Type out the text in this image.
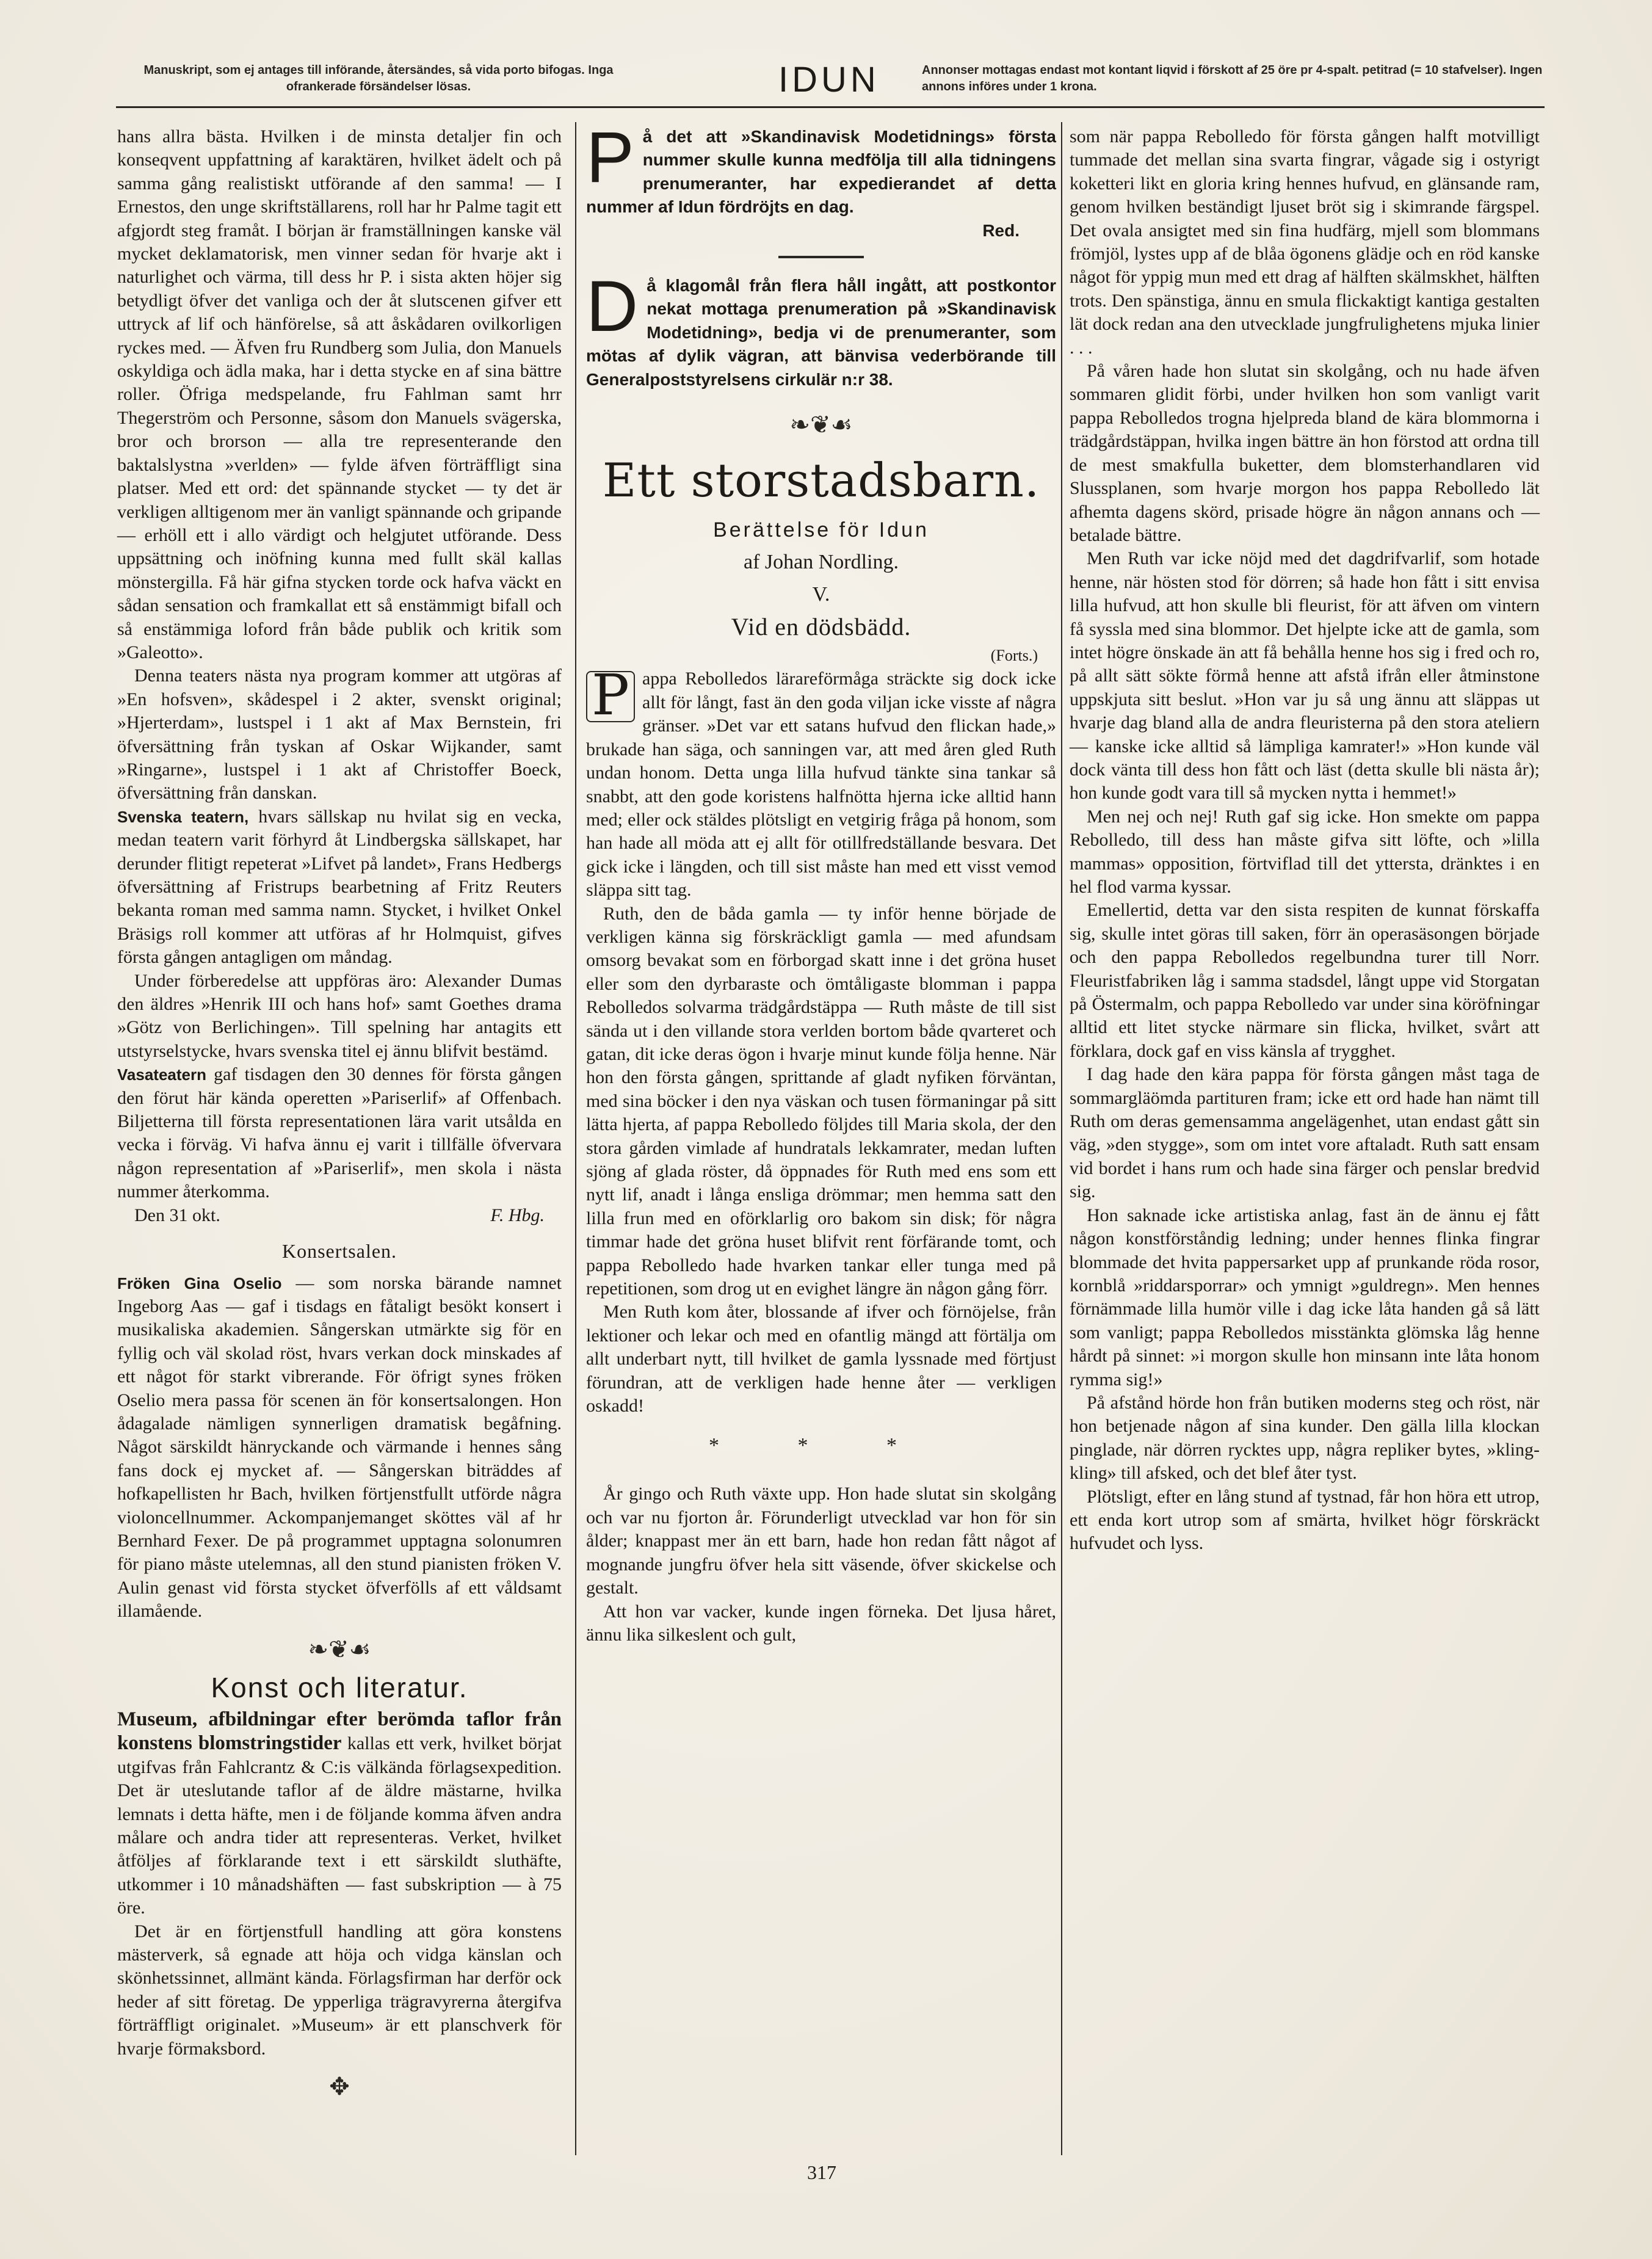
Manuskript, som ej antages till införande, återsändes, så vida porto bifogas. Inga ofrankerade försändelser lösas.	IDUN	Annonser mottagas endast mot kontant liqvid i förskott af 25 öre pr 4-spalt. petitrad (= 10 stafvelser). Ingen annons införes under 1 krona.

hans allra bästa. Hvilken i de minsta detaljer fin och konseqvent uppfattning af karaktären, hvilket ädelt och på samma gång realistiskt utförande af den samma! — I Ernestos, den unge skriftställarens, roll har hr Palme tagit ett afgjordt steg framåt. I början är framställningen kanske väl mycket deklamatorisk, men vinner sedan för hvarje akt i naturlighet och värma, till dess hr P. i sista akten höjer sig betydligt öfver det vanliga och der åt slutscenen gifver ett uttryck af lif och hänförelse, så att åskådaren ovilkorligen ryckes med. — Äfven fru Rundberg som Julia, don Manuels oskyldiga och ädla maka, har i detta stycke en af sina bättre roller. Öfriga medspelande, fru Fahlman samt hrr Thegerström och Personne, såsom don Manuels svägerska, bror och brorson — alla tre representerande den baktalslystna »verlden» — fylde äfven förträffligt sina platser. Med ett ord: det spännande stycket — ty det är verkligen alltigenom mer än vanligt spännande och gripande — erhöll ett i allo värdigt och helgjutet utförande. Dess uppsättning och inöfning kunna med fullt skäl kallas mönstergilla. Få här gifna stycken torde ock hafva väckt en sådan sensation och framkallat ett så enstämmigt bifall och så enstämmiga loford från både publik och kritik som »Galeotto».

Denna teaters nästa nya program kommer att utgöras af »En hofsven», skådespel i 2 akter, svenskt original; »Hjerterdam», lustspel i 1 akt af Max Bernstein, fri öfversättning från tyskan af Oskar Wijkander, samt »Ringarne», lustspel i 1 akt af Christoffer Boeck, öfversättning från danskan.

Svenska teatern, hvars sällskap nu hvilat sig en vecka, medan teatern varit förhyrd åt Lindbergska sällskapet, har derunder flitigt repeterat »Lifvet på landet», Frans Hedbergs öfversättning af Fristrups bearbetning af Fritz Reuters bekanta roman med samma namn. Stycket, i hvilket Onkel Bräsigs roll kommer att utföras af hr Holmquist, gifves första gången antagligen om måndag.

Under förberedelse att uppföras äro: Alexander Dumas den äldres »Henrik III och hans hof» samt Goethes drama »Götz von Berlichingen». Till spelning har antagits ett utstyrselstycke, hvars svenska titel ej ännu blifvit bestämd.

Vasateatern gaf tisdagen den 30 dennes för första gången den förut här kända operetten »Pariserlif» af Offenbach. Biljetterna till första representationen lära varit utsålda en vecka i förväg. Vi hafva ännu ej varit i tillfälle öfvervara någon representation af »Pariserlif», men skola i nästa nummer återkomma.

Den 31 okt.	F. Hbg.

Konsertsalen.

Fröken Gina Oselio — som norska bärande namnet Ingeborg Aas — gaf i tisdags en fåtaligt besökt konsert i musikaliska akademien. Sångerskan utmärkte sig för en fyllig och väl skolad röst, hvars verkan dock minskades af ett något för starkt vibrerande. För öfrigt synes fröken Oselio mera passa för scenen än för konsertsalongen. Hon ådagalade nämligen synnerligen dramatisk begåfning. Något särskildt hänryckande och värmande i hennes sång fans dock ej mycket af. — Sångerskan biträddes af hofkapellisten hr Bach, hvilken förtjenstfullt utförde några violoncellnummer. Ackompanjemanget sköttes väl af hr Bernhard Fexer. De på programmet upptagna solonumren för piano måste utelemnas, all den stund pianisten fröken V. Aulin genast vid första stycket öfverfölls af ett våldsamt illamående.

❧❦☙
Konst och literatur.

Museum, afbildningar efter berömda taflor från konstens blomstringstider kallas ett verk, hvilket börjat utgifvas från Fahlcrantz & C:is välkända förlagsexpedition. Det är uteslutande taflor af de äldre mästarne, hvilka lemnats i detta häfte, men i de följande komma äfven andra målare och andra tider att representeras. Verket, hvilket åtföljes af förklarande text i ett särskildt sluthäfte, utkommer i 10 månadshäften — fast subskription — à 75 öre.

Det är en förtjenstfull handling att göra konstens mästerverk, så egnade att höja och vidga känslan och skönhetssinnet, allmänt kända. Förlagsfirman har derför ock heder af sitt företag. De ypperliga trägravyrerna återgifva förträffligt originalet. »Museum» är ett planschverk för hvarje förmaksbord.

✥
P å det att »Skandinavisk Modetidnings» första nummer skulle kunna medfölja till alla tidningens prenumeranter, har expedierandet af detta nummer af Idun fördröjts en dag.
Red.
D å klagomål från flera håll ingått, att postkontor nekat mottaga prenumeration på »Skandinavisk Modetidning», bedja vi de prenumeranter, som mötas af dylik vägran, att bänvisa vederbörande till Generalpoststyrelsens cirkulär n:r 38.
❧❦☙
Ett storstadsbarn.
Berättelse för Idun
af Johan Nordling.
V.
Vid en dödsbädd.
(Forts.)

P appa Rebolledos lärareförmåga sträckte sig dock icke allt för långt, fast än den goda viljan icke visste af några gränser. »Det var ett satans hufvud den flickan hade,» brukade han säga, och sanningen var, att med åren gled Ruth undan honom. Detta unga lilla hufvud tänkte sina tankar så snabbt, att den gode koristens halfnötta hjerna icke alltid hann med; eller ock stäldes plötsligt en vetgirig fråga på honom, som han hade all möda att ej allt för otillfredställande besvara. Det gick icke i längden, och till sist måste han med ett visst vemod släppa sitt tag.

Ruth, den de båda gamla — ty inför henne började de verkligen känna sig förskräckligt gamla — med afundsam omsorg bevakat som en förborgad skatt inne i det gröna huset eller som den dyrbaraste och ömtåligaste blomman i pappa Rebolledos solvarma trädgårdstäppa — Ruth måste de till sist sända ut i den villande stora verlden bortom både qvarteret och gatan, dit icke deras ögon i hvarje minut kunde följa henne. När hon den första gången, sprittande af gladt nyfiken förväntan, med sina böcker i den nya väskan och tusen förmaningar på sitt lätta hjerta, af pappa Rebolledo följdes till Maria skola, der den stora gården vimlade af hundratals lekkamrater, medan luften sjöng af glada röster, då öppnades för Ruth med ens som ett nytt lif, anadt i långa ensliga drömmar; men hemma satt den lilla frun med en oförklarlig oro bakom sin disk; för några timmar hade det gröna huset blifvit rent förfärande tomt, och pappa Rebolledo hade hvarken tankar eller tunga med på repetitionen, som drog ut en evighet längre än någon gång förr.

Men Ruth kom åter, blossande af ifver och förnöjelse, från lektioner och lekar och med en ofantlig mängd att förtälja om allt underbart nytt, till hvilket de gamla lyssnade med förtjust förundran, att de verkligen hade henne åter — verkligen oskadd!

* * *

År gingo och Ruth växte upp. Hon hade slutat sin skolgång och var nu fjorton år. Förunderligt utvecklad var hon för sin ålder; knappast mer än ett barn, hade hon redan fått något af mognande jungfru öfver hela sitt väsende, öfver skickelse och gestalt.

Att hon var vacker, kunde ingen förneka. Det ljusa håret, ännu lika silkeslent och gult,

som när pappa Rebolledo för första gången halft motvilligt tummade det mellan sina svarta fingrar, vågade sig i ostyrigt koketteri likt en gloria kring hennes hufvud, en glänsande ram, genom hvilken beständigt ljuset bröt sig i skimrande färgspel. Det ovala ansigtet med sin fina hudfärg, mjell som blommans frömjöl, lystes upp af de blåa ögonens glädje och en röd kanske något för yppig mun med ett drag af hälften skälmskhet, hälften trots. Den spänstiga, ännu en smula flickaktigt kantiga gestalten lät dock redan ana den utvecklade jungfrulighetens mjuka linier . . .

På våren hade hon slutat sin skolgång, och nu hade äfven sommaren glidit förbi, under hvilken hon som vanligt varit pappa Rebolledos trogna hjelpreda bland de kära blommorna i trädgårdstäppan, hvilka ingen bättre än hon förstod att ordna till de mest smakfulla buketter, dem blomsterhandlaren vid Slussplanen, som hvarje morgon hos pappa Rebolledo lät afhemta dagens skörd, prisade högre än någon annans och — betalade bättre.

Men Ruth var icke nöjd med det dagdrifvarlif, som hotade henne, när hösten stod för dörren; så hade hon fått i sitt envisa lilla hufvud, att hon skulle bli fleurist, för att äfven om vintern få syssla med sina blommor. Det hjelpte icke att de gamla, som intet högre önskade än att få behålla henne hos sig i fred och ro, på allt sätt sökte förmå henne att afstå ifrån eller åtminstone uppskjuta sitt beslut. »Hon var ju så ung ännu att släppas ut hvarje dag bland alla de andra fleuristerna på den stora ateliern — kanske icke alltid så lämpliga kamrater!» »Hon kunde väl dock vänta till dess hon fått och läst (detta skulle bli nästa år); hon kunde godt vara till så mycken nytta i hemmet!»

Men nej och nej! Ruth gaf sig icke. Hon smekte om pappa Rebolledo, till dess han måste gifva sitt löfte, och »lilla mammas» opposition, förtviflad till det yttersta, dränktes i en hel flod varma kyssar.

Emellertid, detta var den sista respiten de kunnat förskaffa sig, skulle intet göras till saken, förr än operasäsongen började och den pappa Rebolledos regelbundna turer till Norr. Fleuristfabriken låg i samma stadsdel, långt uppe vid Storgatan på Östermalm, och pappa Rebolledo var under sina köröfningar alltid ett litet stycke närmare sin flicka, hvilket, svårt att förklara, dock gaf en viss känsla af trygghet.

I dag hade den kära pappa för första gången måst taga de sommargläömda partituren fram; icke ett ord hade han nämt till Ruth om deras gemensamma angelägenhet, utan endast gått sin väg, »den stygge», som om intet vore aftaladt. Ruth satt ensam vid bordet i hans rum och hade sina färger och penslar bredvid sig.

Hon saknade icke artistiska anlag, fast än de ännu ej fått någon konstförståndig ledning; under hennes flinka fingrar blommade det hvita pappersarket upp af prunkande röda rosor, kornblå »riddarsporrar» och ymnigt »guldregn». Men hennes förnämmade lilla humör ville i dag icke låta handen gå så lätt som vanligt; pappa Rebolledos misstänkta glömska låg henne hårdt på sinnet: »i morgon skulle hon minsann inte låta honom rymma sig!»

På afstånd hörde hon från butiken moderns steg och röst, när hon betjenade någon af sina kunder. Den gälla lilla klockan pinglade, när dörren rycktes upp, några repliker bytes, »kling-kling» till afsked, och det blef åter tyst.

Plötsligt, efter en lång stund af tystnad, får hon höra ett utrop, ett enda kort utrop som af smärta, hvilket högr förskräckt hufvudet och lyss.

317
